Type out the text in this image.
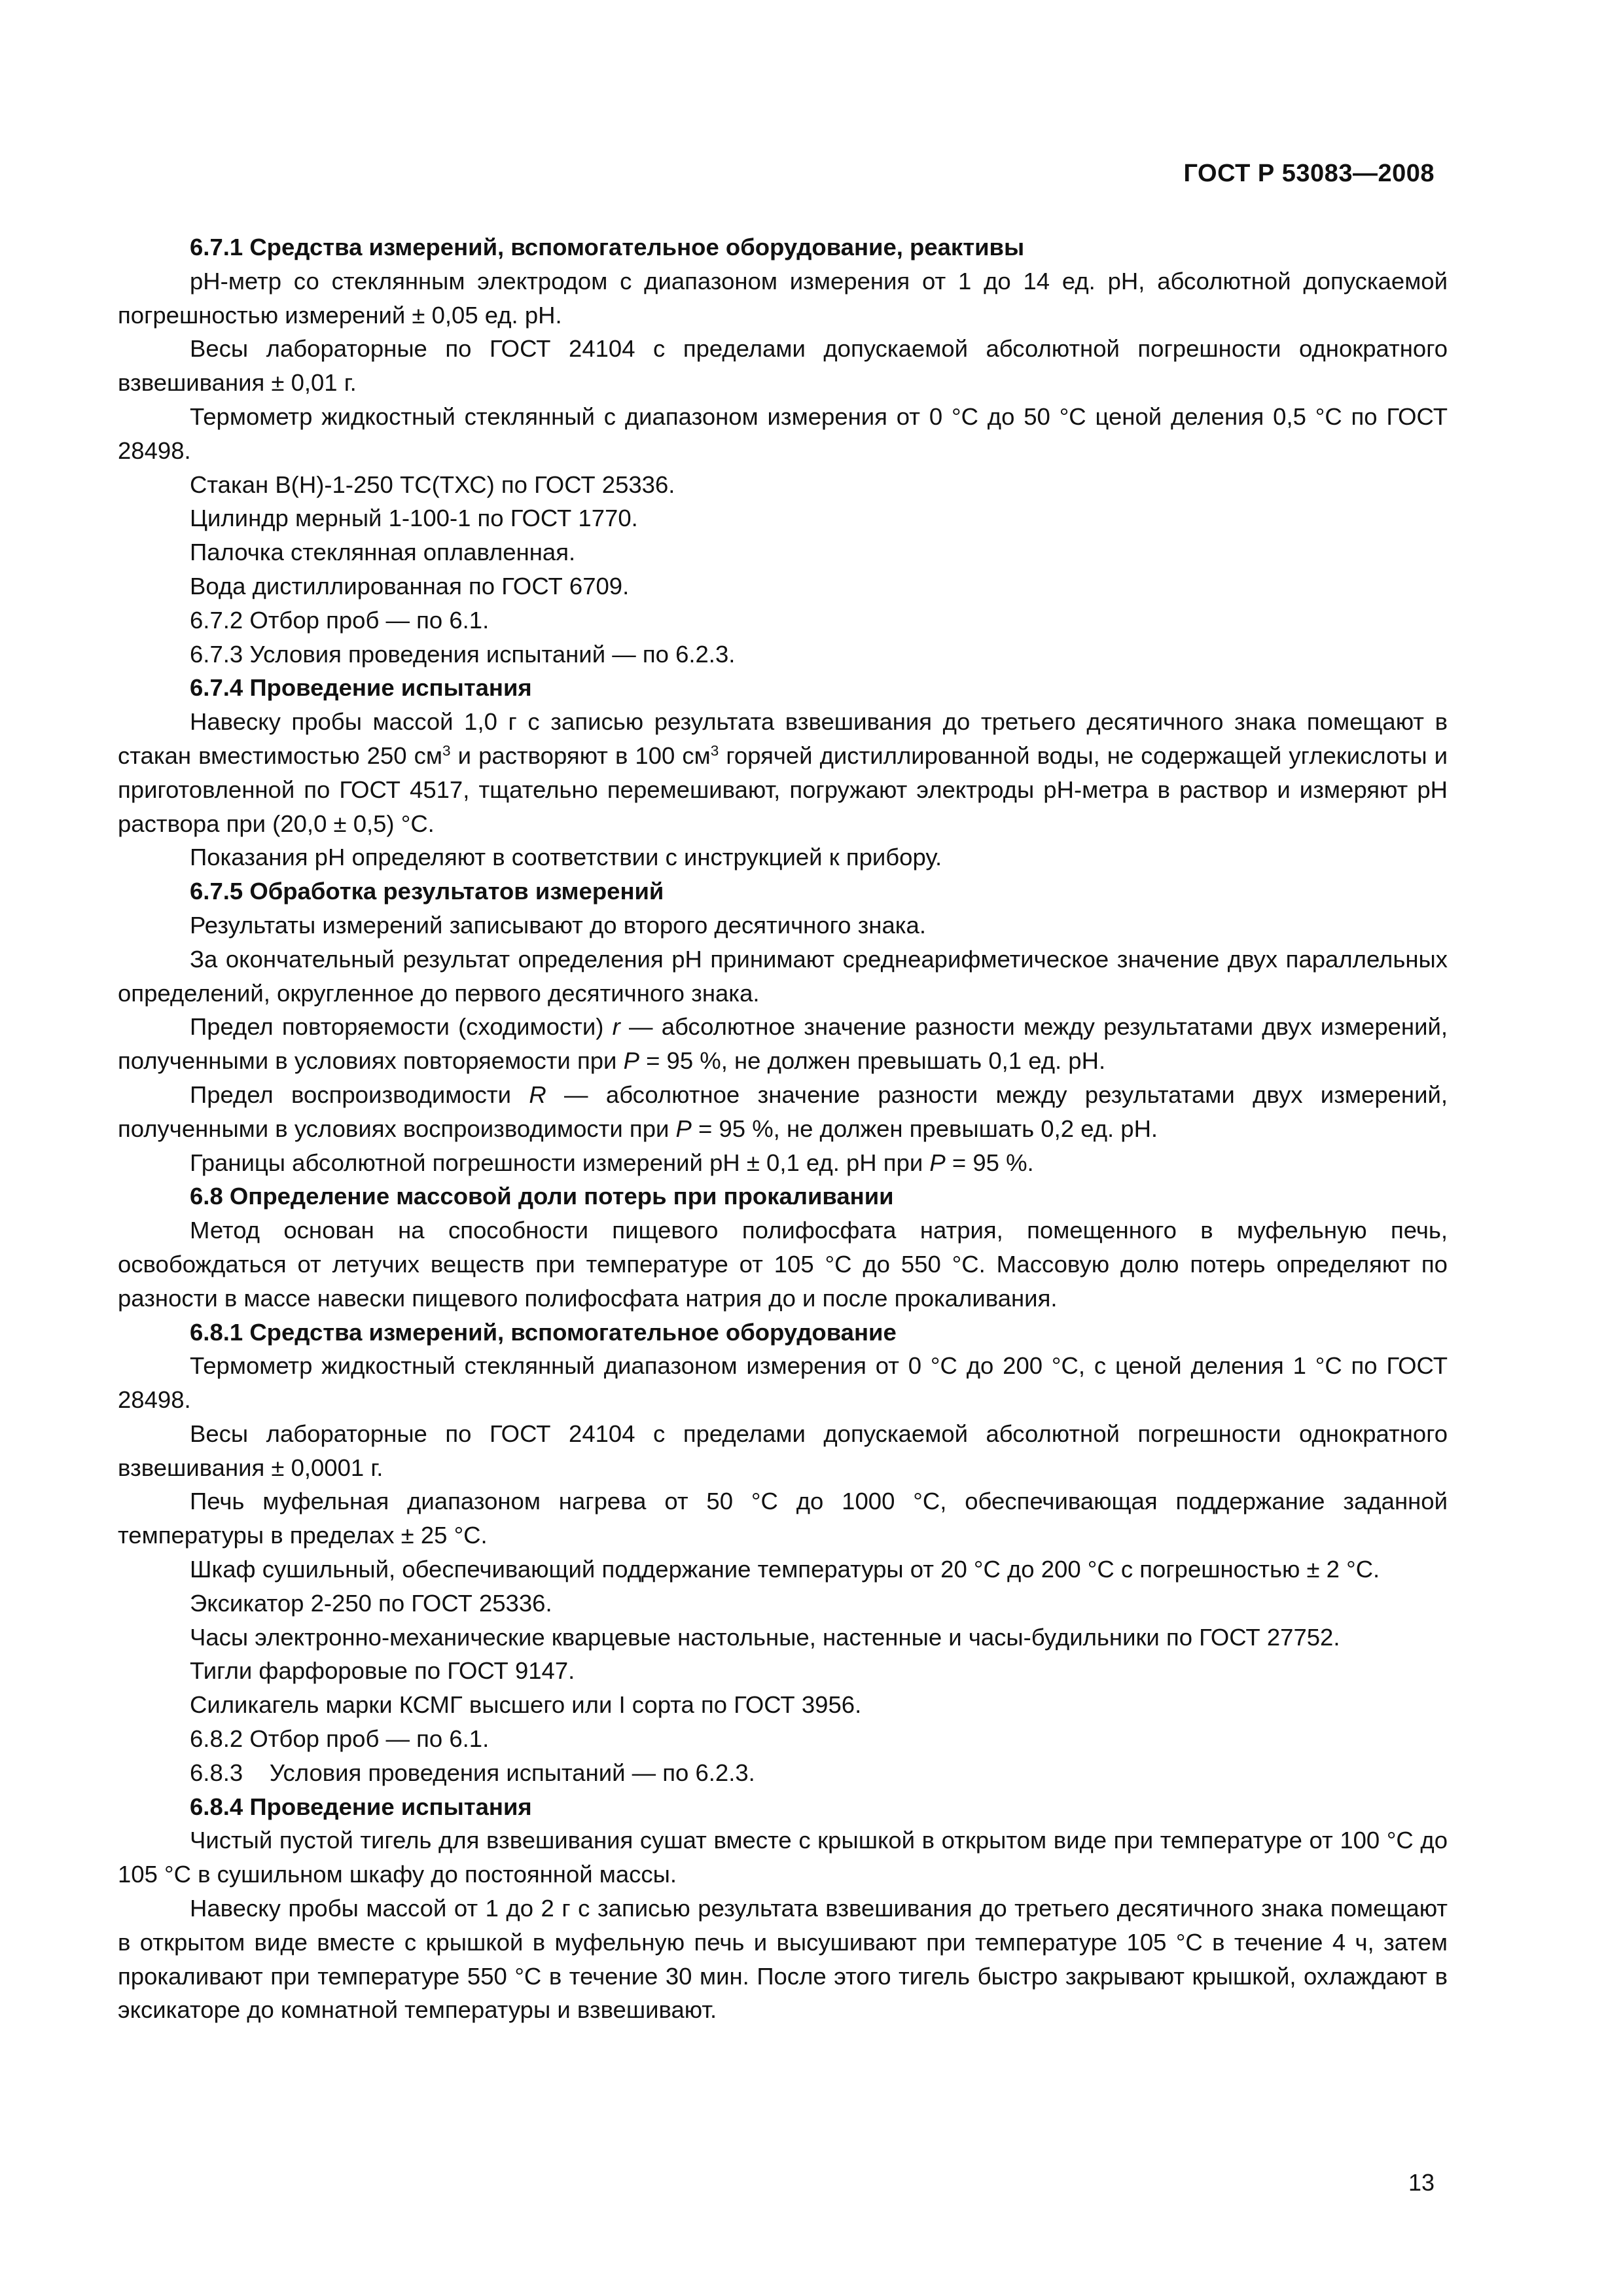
ГОСТ Р 53083—2008

6.7.1 Средства измерений, вспомогательное оборудование, реактивы

рН-метр со стеклянным электродом с диапазоном измерения от 1 до 14 ед. рН, абсолютной допускаемой погрешностью измерений ± 0,05 ед. рН.

Весы лабораторные по ГОСТ 24104 с пределами допускаемой абсолютной погрешности однократного взвешивания ± 0,01 г.

Термометр жидкостный стеклянный с диапазоном измерения от 0 °С до 50 °С ценой деления 0,5 °С по ГОСТ 28498.

Стакан В(Н)-1-250 ТС(ТХС) по ГОСТ 25336.

Цилиндр мерный 1-100-1 по ГОСТ 1770.

Палочка стеклянная оплавленная.

Вода дистиллированная по ГОСТ 6709.

6.7.2 Отбор проб — по 6.1.

6.7.3 Условия проведения испытаний — по 6.2.3.

6.7.4 Проведение испытания

Навеску пробы массой 1,0 г с записью результата взвешивания до третьего десятичного знака помещают в стакан вместимостью 250 $см^3$ и растворяют в 100 $см^3$ горячей дистиллированной воды, не содержащей углекислоты и приготовленной по ГОСТ 4517, тщательно перемешивают, погружают электроды рН-метра в раствор и измеряют рН раствора при (20,0 ± 0,5) °С.

Показания рН определяют в соответствии с инструкцией к прибору.

6.7.5 Обработка результатов измерений

Результаты измерений записывают до второго десятичного знака.

За окончательный результат определения рН принимают среднеарифметическое значение двух параллельных определений, округленное до первого десятичного знака.

Предел повторяемости (сходимости) r — абсолютное значение разности между результатами двух измерений, полученными в условиях повторяемости при Р = 95 %, не должен превышать 0,1 ед. рН.

Предел воспроизводимости R — абсолютное значение разности между результатами двух измерений, полученными в условиях воспроизводимости при Р = 95 %, не должен превышать 0,2 ед. рН.

Границы абсолютной погрешности измерений рН ± 0,1 ед. рН при Р = 95 %.

6.8 Определение массовой доли потерь при прокаливании

Метод основан на способности пищевого полифосфата натрия, помещенного в муфельную печь, освобождаться от летучих веществ при температуре от 105 °С до 550 °С. Массовую долю потерь определяют по разности в массе навески пищевого полифосфата натрия до и после прокаливания.

6.8.1 Средства измерений, вспомогательное оборудование

Термометр жидкостный стеклянный диапазоном измерения от 0 °С до 200 °С, с ценой деления 1 °С по ГОСТ 28498.

Весы лабораторные по ГОСТ 24104 с пределами допускаемой абсолютной погрешности однократного взвешивания ± 0,0001 г.

Печь муфельная диапазоном нагрева от 50 °С до 1000 °С, обеспечивающая поддержание заданной температуры в пределах ± 25 °С.

Шкаф сушильный, обеспечивающий поддержание температуры от 20 °С до 200 °С с погрешностью ± 2 °С.

Эксикатор 2-250 по ГОСТ 25336.

Часы электронно-механические кварцевые настольные, настенные и часы-будильники по ГОСТ 27752.

Тигли фарфоровые по ГОСТ 9147.

Силикагель марки КСМГ высшего или I сорта по ГОСТ 3956.

6.8.2 Отбор проб — по 6.1.

6.8.3    Условия проведения испытаний — по 6.2.3.

6.8.4 Проведение испытания

Чистый пустой тигель для взвешивания сушат вместе с крышкой в открытом виде при температуре от 100 °С до 105 °С в сушильном шкафу до постоянной массы.

Навеску пробы массой от 1 до 2 г с записью результата взвешивания до третьего десятичного знака помещают в открытом виде вместе с крышкой в муфельную печь и высушивают при температуре 105 °С в течение 4 ч, затем прокаливают при температуре 550 °С в течение 30 мин. После этого тигель быстро закрывают крышкой, охлаждают в эксикаторе до комнатной температуры и взвешивают.

13
